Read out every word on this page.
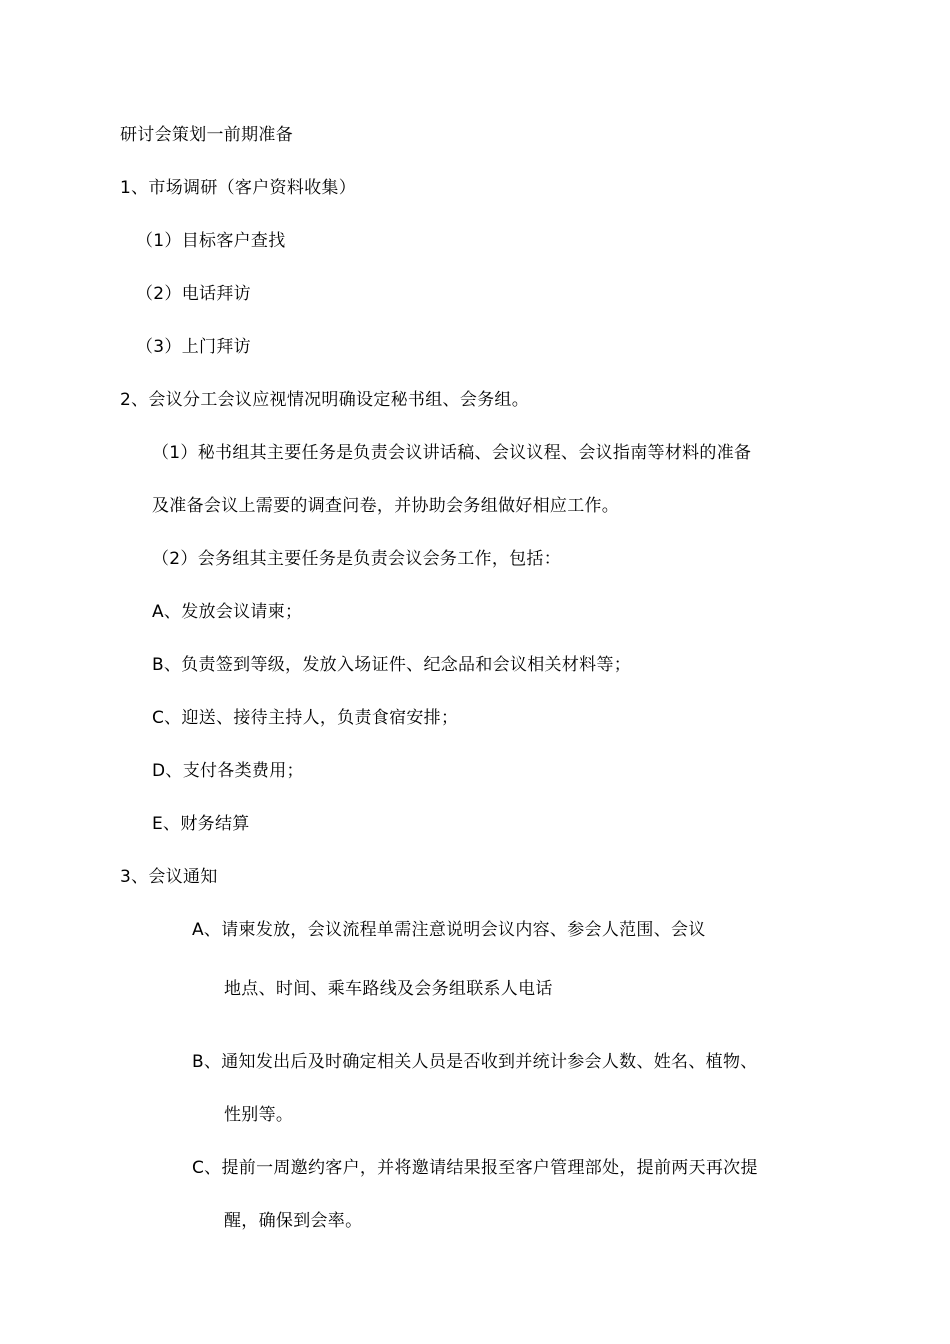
研讨会策划一前期准备
1、市场调研（客户资料收集）
（1）目标客户查找
（2）电话拜访
（3）上门拜访
2、会议分工会议应视情况明确设定秘书组、会务组。
（1）秘书组其主要任务是负责会议讲话稿、会议议程、会议指南等材料的准备
及准备会议上需要的调查问卷，并协助会务组做好相应工作。
（2）会务组其主要任务是负责会议会务工作，包括：
A、发放会议请柬；
B、负责签到等级，发放入场证件、纪念品和会议相关材料等；
C、迎送、接待主持人，负责食宿安排；
D、支付各类费用；
E、财务结算
3、会议通知
A、请柬发放，会议流程单需注意说明会议内容、参会人范围、会议
地点、时间、乘车路线及会务组联系人电话
B、通知发出后及时确定相关人员是否收到并统计参会人数、姓名、植物、
性别等。
C、提前一周邀约客户，并将邀请结果报至客户管理部处，提前两天再次提
醒，确保到会率。
